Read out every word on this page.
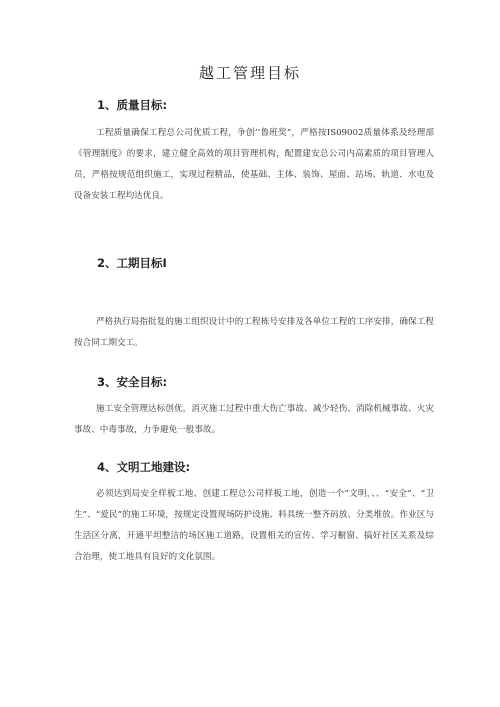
越工管理目标
1、质量目标:

工程质量确保工程总公司优质工程，争创’’鲁班奖”，严格按IS09002质量体系及经理部《管理制度》的要求，建立健全高效的项目管理机构，配置建安总公司内高素质的项目管理人员，严格按规范组织施工，实现过程精品，使基础、主体、装饰、屋面、站场、轨道、水电及设备安装工程均达优良。

2、工期目标I

严格执行局指批复的施工组织设计中的工程栋号安排及各单位工程的工序安排，确保工程按合同工期交工。

3、安全目标:

施工安全管理达标创优，消灭施工过程中重大伤亡事故、减少轻伤、消除机械事故、火灾事故、中毒事故，力争避免一般事故。

4、文明工地建设:

必须达到局安全样板工地、创建工程总公司样板工地，创造一个“文明，、、“安全”、“卫生”、“爱民”的施工环境，按规定设置现场防护设施、料具统一整齐码放、分类堆放。作业区与生活区分离，开通平坦整洁的场区施工道路，设置相关的宣传、学习橱窗、搞好社区关系及综合治理，使工地具有良好的文化氛围。
